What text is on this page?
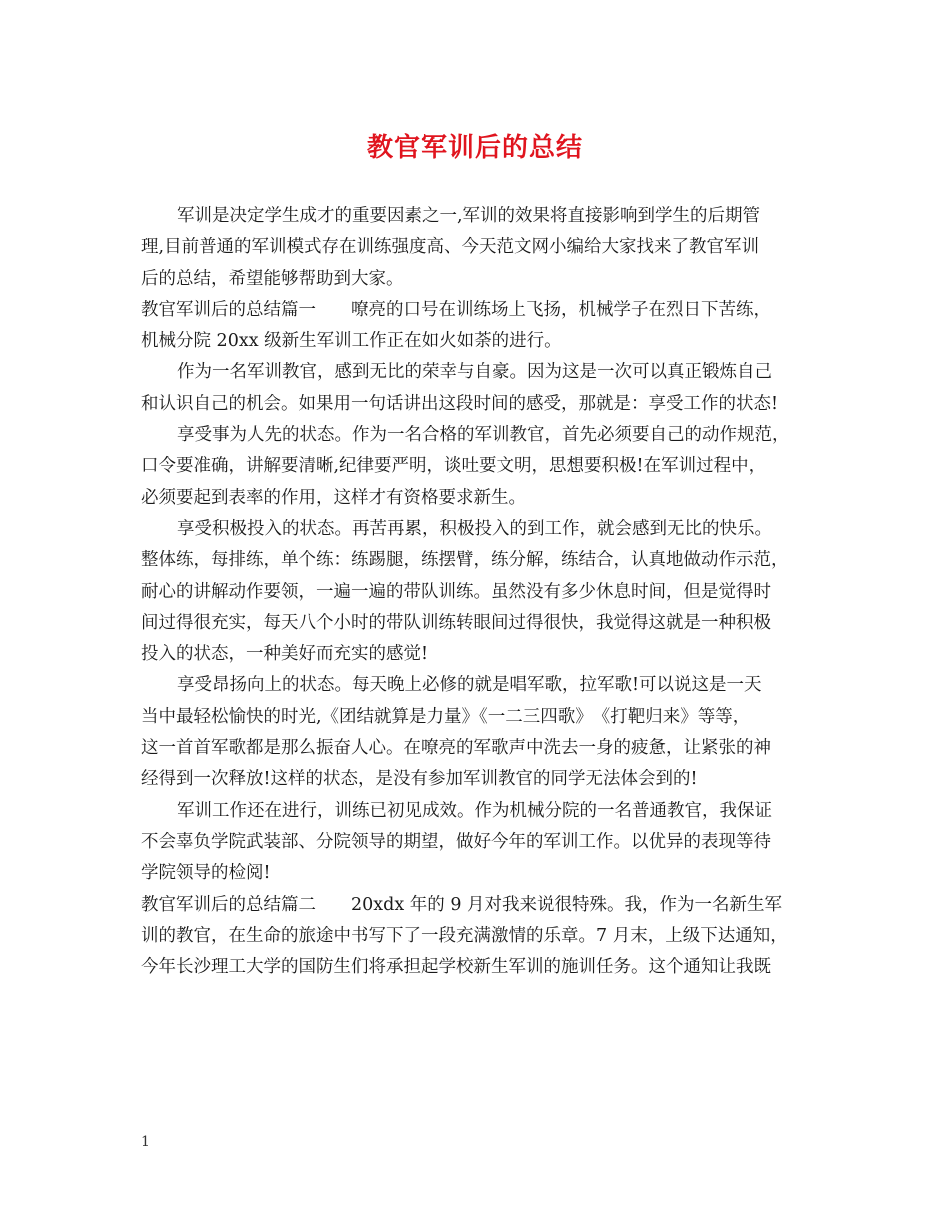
教官军训后的总结
军训是决定学生成才的重要因素之一,军训的效果将直接影响到学生的后期管
理,目前普通的军训模式存在训练强度高、今天范文网小编给大家找来了教官军训
后的总结，希望能够帮助到大家。
教官军训后的总结篇一　　嘹亮的口号在训练场上飞扬，机械学子在烈日下苦练，
机械分院 20xx 级新生军训工作正在如火如荼的进行。
作为一名军训教官，感到无比的荣幸与自豪。因为这是一次可以真正锻炼自己
和认识自己的机会。如果用一句话讲出这段时间的感受，那就是：享受工作的状态!
享受事为人先的状态。作为一名合格的军训教官，首先必须要自己的动作规范，
口令要准确，讲解要清晰,纪律要严明，谈吐要文明，思想要积极!在军训过程中，
必须要起到表率的作用，这样才有资格要求新生。
享受积极投入的状态。再苦再累，积极投入的到工作，就会感到无比的快乐。
整体练，每排练，单个练：练踢腿，练摆臂，练分解，练结合，认真地做动作示范，
耐心的讲解动作要领，一遍一遍的带队训练。虽然没有多少休息时间，但是觉得时
间过得很充实，每天八个小时的带队训练转眼间过得很快，我觉得这就是一种积极
投入的状态，一种美好而充实的感觉!
享受昂扬向上的状态。每天晚上必修的就是唱军歌，拉军歌!可以说这是一天
当中最轻松愉快的时光,《团结就算是力量》《一二三四歌》　《打靶归来》等等，
这一首首军歌都是那么振奋人心。在嘹亮的军歌声中洗去一身的疲惫，让紧张的神
经得到一次释放!这样的状态，是没有参加军训教官的同学无法体会到的!
军训工作还在进行，训练已初见成效。作为机械分院的一名普通教官，我保证
不会辜负学院武装部、分院领导的期望，做好今年的军训工作。以优异的表现等待
学院领导的检阅!
教官军训后的总结篇二　　20xdx 年的 9 月对我来说很特殊。我，作为一名新生军
训的教官，在生命的旅途中书写下了一段充满激情的乐章。7 月末，上级下达通知，
今年长沙理工大学的国防生们将承担起学校新生军训的施训任务。这个通知让我既
1
